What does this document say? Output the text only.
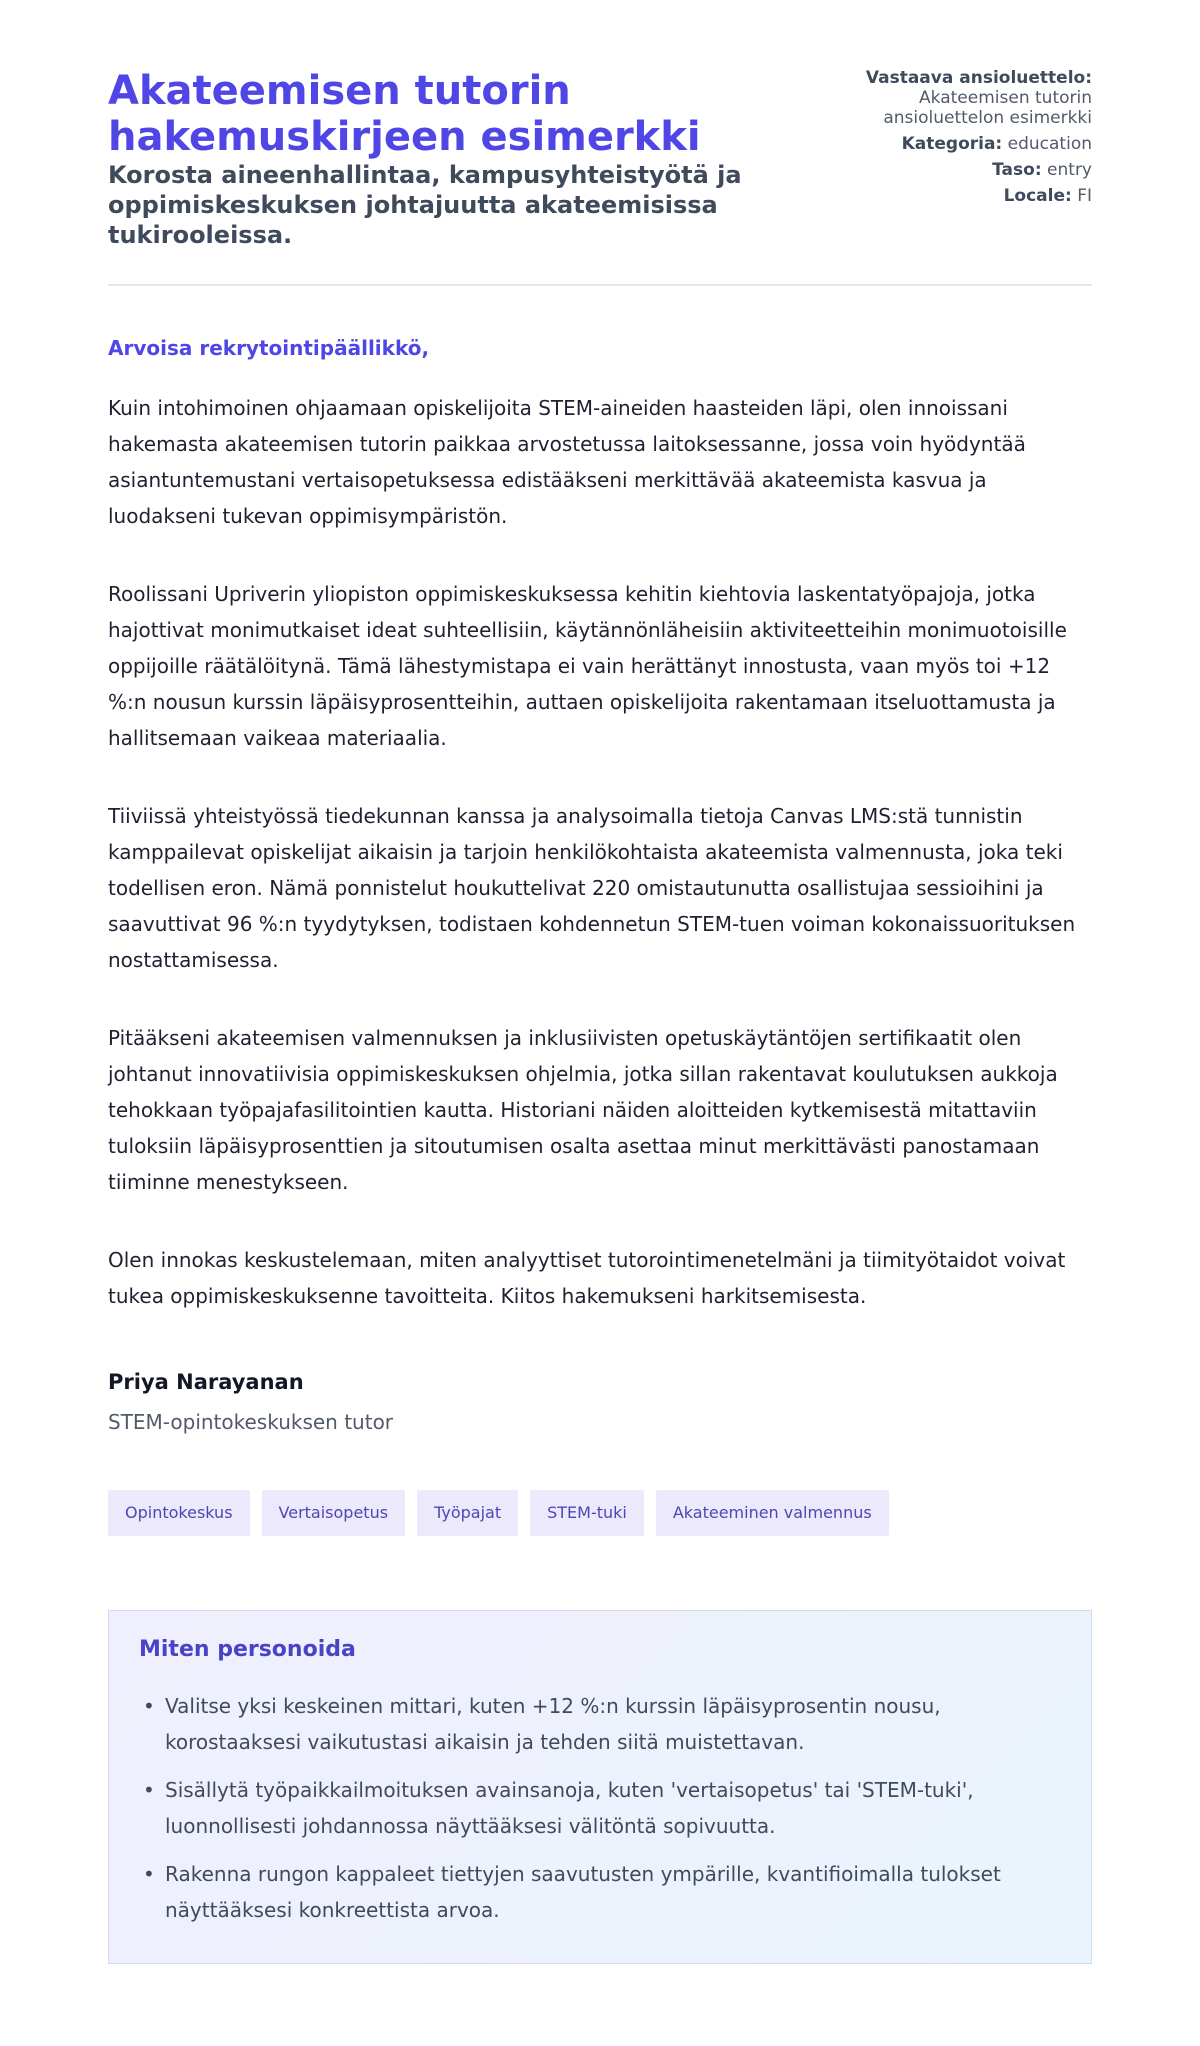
Akateemisen tutorin
hakemuskirjeen esimerkki
Korosta aineenhallintaa, kampusyhteistyötä ja oppimiskeskuksen johtajuutta akateemisissa tukirooleissa.
Vastaava ansioluettelo:
Akateemisen tutorin
ansioluettelon esimerkki
Kategoria: education
Taso: entry
Locale: FI
Arvoisa rekrytointipäällikkö,

Kuin intohimoinen ohjaamaan opiskelijoita STEM-aineiden haasteiden läpi, olen innoissani hakemasta akateemisen tutorin paikkaa arvostetussa laitoksessanne, jossa voin hyödyntää asiantuntemustani vertaisopetuksessa edistääkseni merkittävää akateemista kasvua ja luodakseni tukevan oppimisympäristön.

Roolissani Upriverin yliopiston oppimiskeskuksessa kehitin kiehtovia laskentatyöpajoja, jotka hajottivat monimutkaiset ideat suhteellisiin, käytännönläheisiin aktiviteetteihin monimuotoisille oppijoille räätälöitynä. Tämä lähestymistapa ei vain herättänyt innostusta, vaan myös toi +12 %:n nousun kurssin läpäisyprosentteihin, auttaen opiskelijoita rakentamaan itseluottamusta ja hallitsemaan vaikeaa materiaalia.

Tiiviissä yhteistyössä tiedekunnan kanssa ja analysoimalla tietoja Canvas LMS:stä tunnistin kamppailevat opiskelijat aikaisin ja tarjoin henkilökohtaista akateemista valmennusta, joka teki todellisen eron. Nämä ponnistelut houkuttelivat 220 omistautunutta osallistujaa sessioihini ja saavuttivat 96 %:n tyydytyksen, todistaen kohdennetun STEM-tuen voiman kokonaissuorituksen nostattamisessa.

Pitääkseni akateemisen valmennuksen ja inklusiivisten opetuskäytäntöjen sertifikaatit olen johtanut innovatiivisia oppimiskeskuksen ohjelmia, jotka sillan rakentavat koulutuksen aukkoja tehokkaan työpajafasilitointien kautta. Historiani näiden aloitteiden kytkemisestä mitattaviin tuloksiin läpäisyprosenttien ja sitoutumisen osalta asettaa minut merkittävästi panostamaan tiiminne menestykseen.

Olen innokas keskustelemaan, miten analyyttiset tutorointimenetelmäni ja tiimityötaidot voivat tukea oppimiskeskuksenne tavoitteita. Kiitos hakemukseni harkitsemisesta.

Priya Narayanan
STEM-opintokeskuksen tutor
Opintokeskus	Vertaisopetus	Työpajat	STEM-tuki	Akateeminen valmennus
Miten personoida
• Valitse yksi keskeinen mittari, kuten +12 %:n kurssin läpäisyprosentin nousu, korostaaksesi vaikutustasi aikaisin ja tehden siitä muistettavan.
• Sisällytä työpaikkailmoituksen avainsanoja, kuten 'vertaisopetus' tai 'STEM-tuki', luonnollisesti johdannossa näyttääksesi välitöntä sopivuutta.
• Rakenna rungon kappaleet tiettyjen saavutusten ympärille, kvantifioimalla tulokset näyttääksesi konkreettista arvoa.
